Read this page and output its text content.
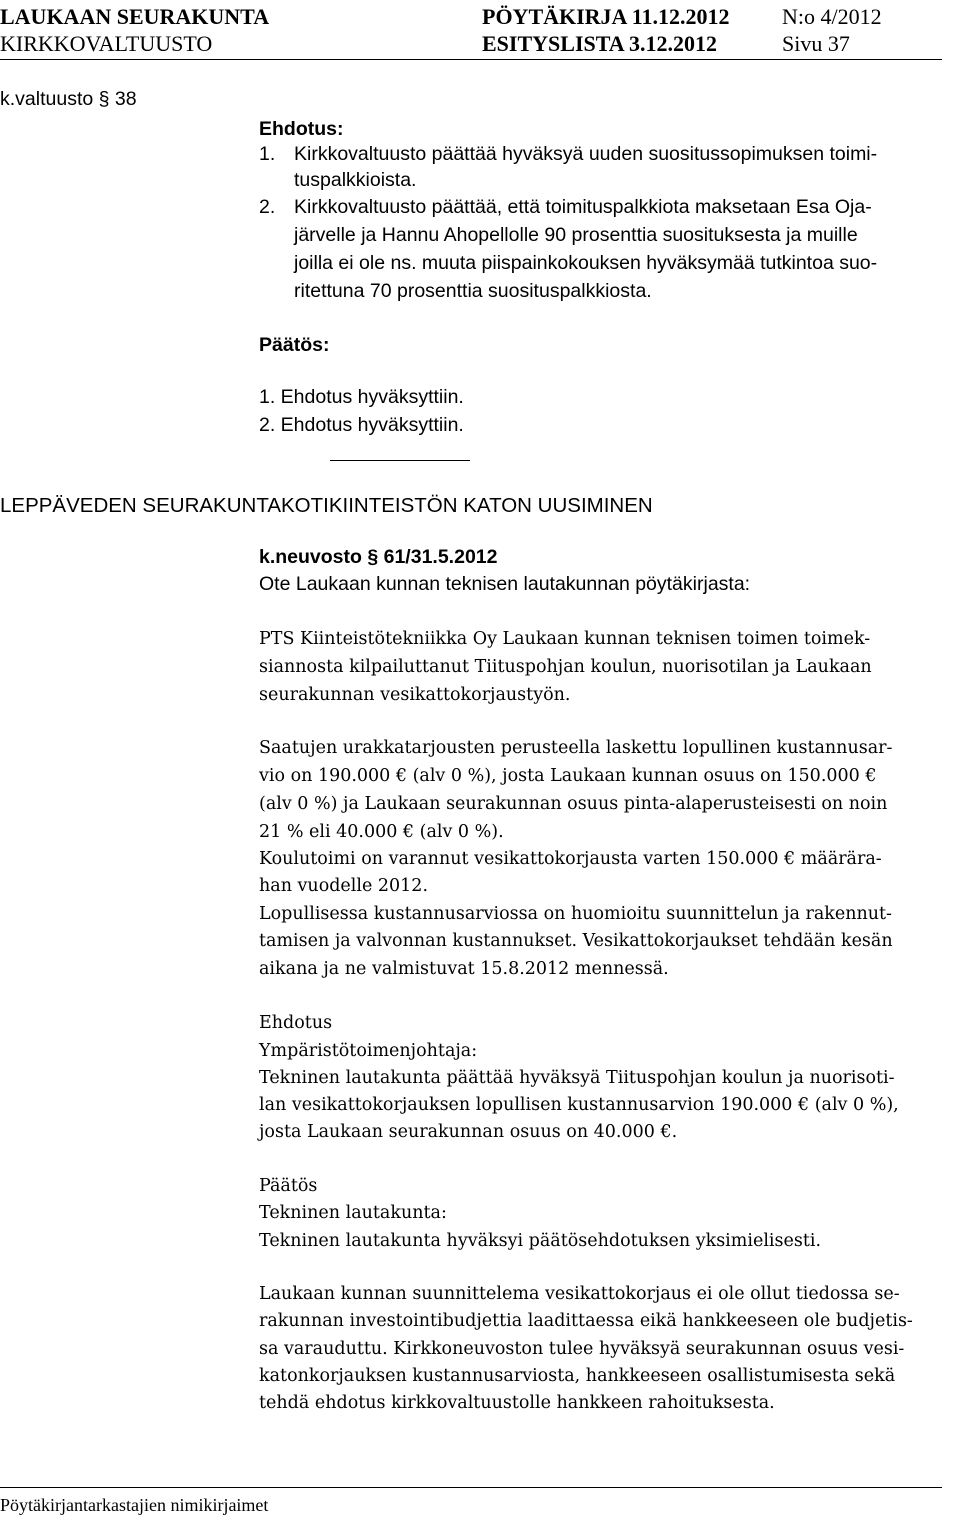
LAUKAAN SEURAKUNTA
KIRKKOVALTUUSTO
PÖYTÄKIRJA 11.12.2012
ESITYSLISTA 3.12.2012
N:o 4/2012
Sivu 37
k.valtuusto § 38
Ehdotus:
1. Kirkkovaltuusto päättää hyväksyä uuden suositussopimuksen toimi-
tuspalkkioista.
2. Kirkkovaltuusto päättää, että toimituspalkkiota maksetaan Esa Oja-
järvelle ja Hannu Ahopellolle 90 prosenttia suosituksesta ja muille
joilla ei ole ns. muuta piispainkokouksen hyväksymää tutkintoa suo-
ritettuna 70 prosenttia suosituspalkkiosta.
Päätös:
1. Ehdotus hyväksyttiin.
2. Ehdotus hyväksyttiin.
LEPPÄVEDEN SEURAKUNTAKOTIKIINTEISTÖN KATON UUSIMINEN
k.neuvosto § 61/31.5.2012
Ote Laukaan kunnan teknisen lautakunnan pöytäkirjasta:
PTS Kiinteistötekniikka Oy Laukaan kunnan teknisen toimen toimek-
siannosta kilpailuttanut Tiituspohjan koulun, nuorisotilan ja Laukaan
seurakunnan vesikattokorjaustyön.
Saatujen urakkatarjousten perusteella laskettu lopullinen kustannusar-
vio on 190.000 € (alv 0 %), josta Laukaan kunnan osuus on 150.000 €
(alv 0 %) ja Laukaan seurakunnan osuus pinta-alaperusteisesti on noin
21 % eli 40.000 € (alv 0 %).
Koulutoimi on varannut vesikattokorjausta varten 150.000 € määrära-
han vuodelle 2012.
Lopullisessa kustannusarviossa on huomioitu suunnittelun ja rakennut-
tamisen ja valvonnan kustannukset. Vesikattokorjaukset tehdään kesän
aikana ja ne valmistuvat 15.8.2012 mennessä.
Ehdotus
Ympäristötoimenjohtaja:
Tekninen lautakunta päättää hyväksyä Tiituspohjan koulun ja nuorisoti-
lan vesikattokorjauksen lopullisen kustannusarvion 190.000 € (alv 0 %),
josta Laukaan seurakunnan osuus on 40.000 €.
Päätös
Tekninen lautakunta:
Tekninen lautakunta hyväksyi päätösehdotuksen yksimielisesti.
Laukaan kunnan suunnittelema vesikattokorjaus ei ole ollut tiedossa se-
rakunnan investointibudjettia laadittaessa eikä hankkeeseen ole budjetis-
sa varauduttu. Kirkkoneuvoston tulee hyväksyä seurakunnan osuus vesi-
katonkorjauksen kustannusarviosta, hankkeeseen osallistumisesta sekä
tehdä ehdotus kirkkovaltuustolle hankkeen rahoituksesta.
Pöytäkirjantarkastajien nimikirjaimet
